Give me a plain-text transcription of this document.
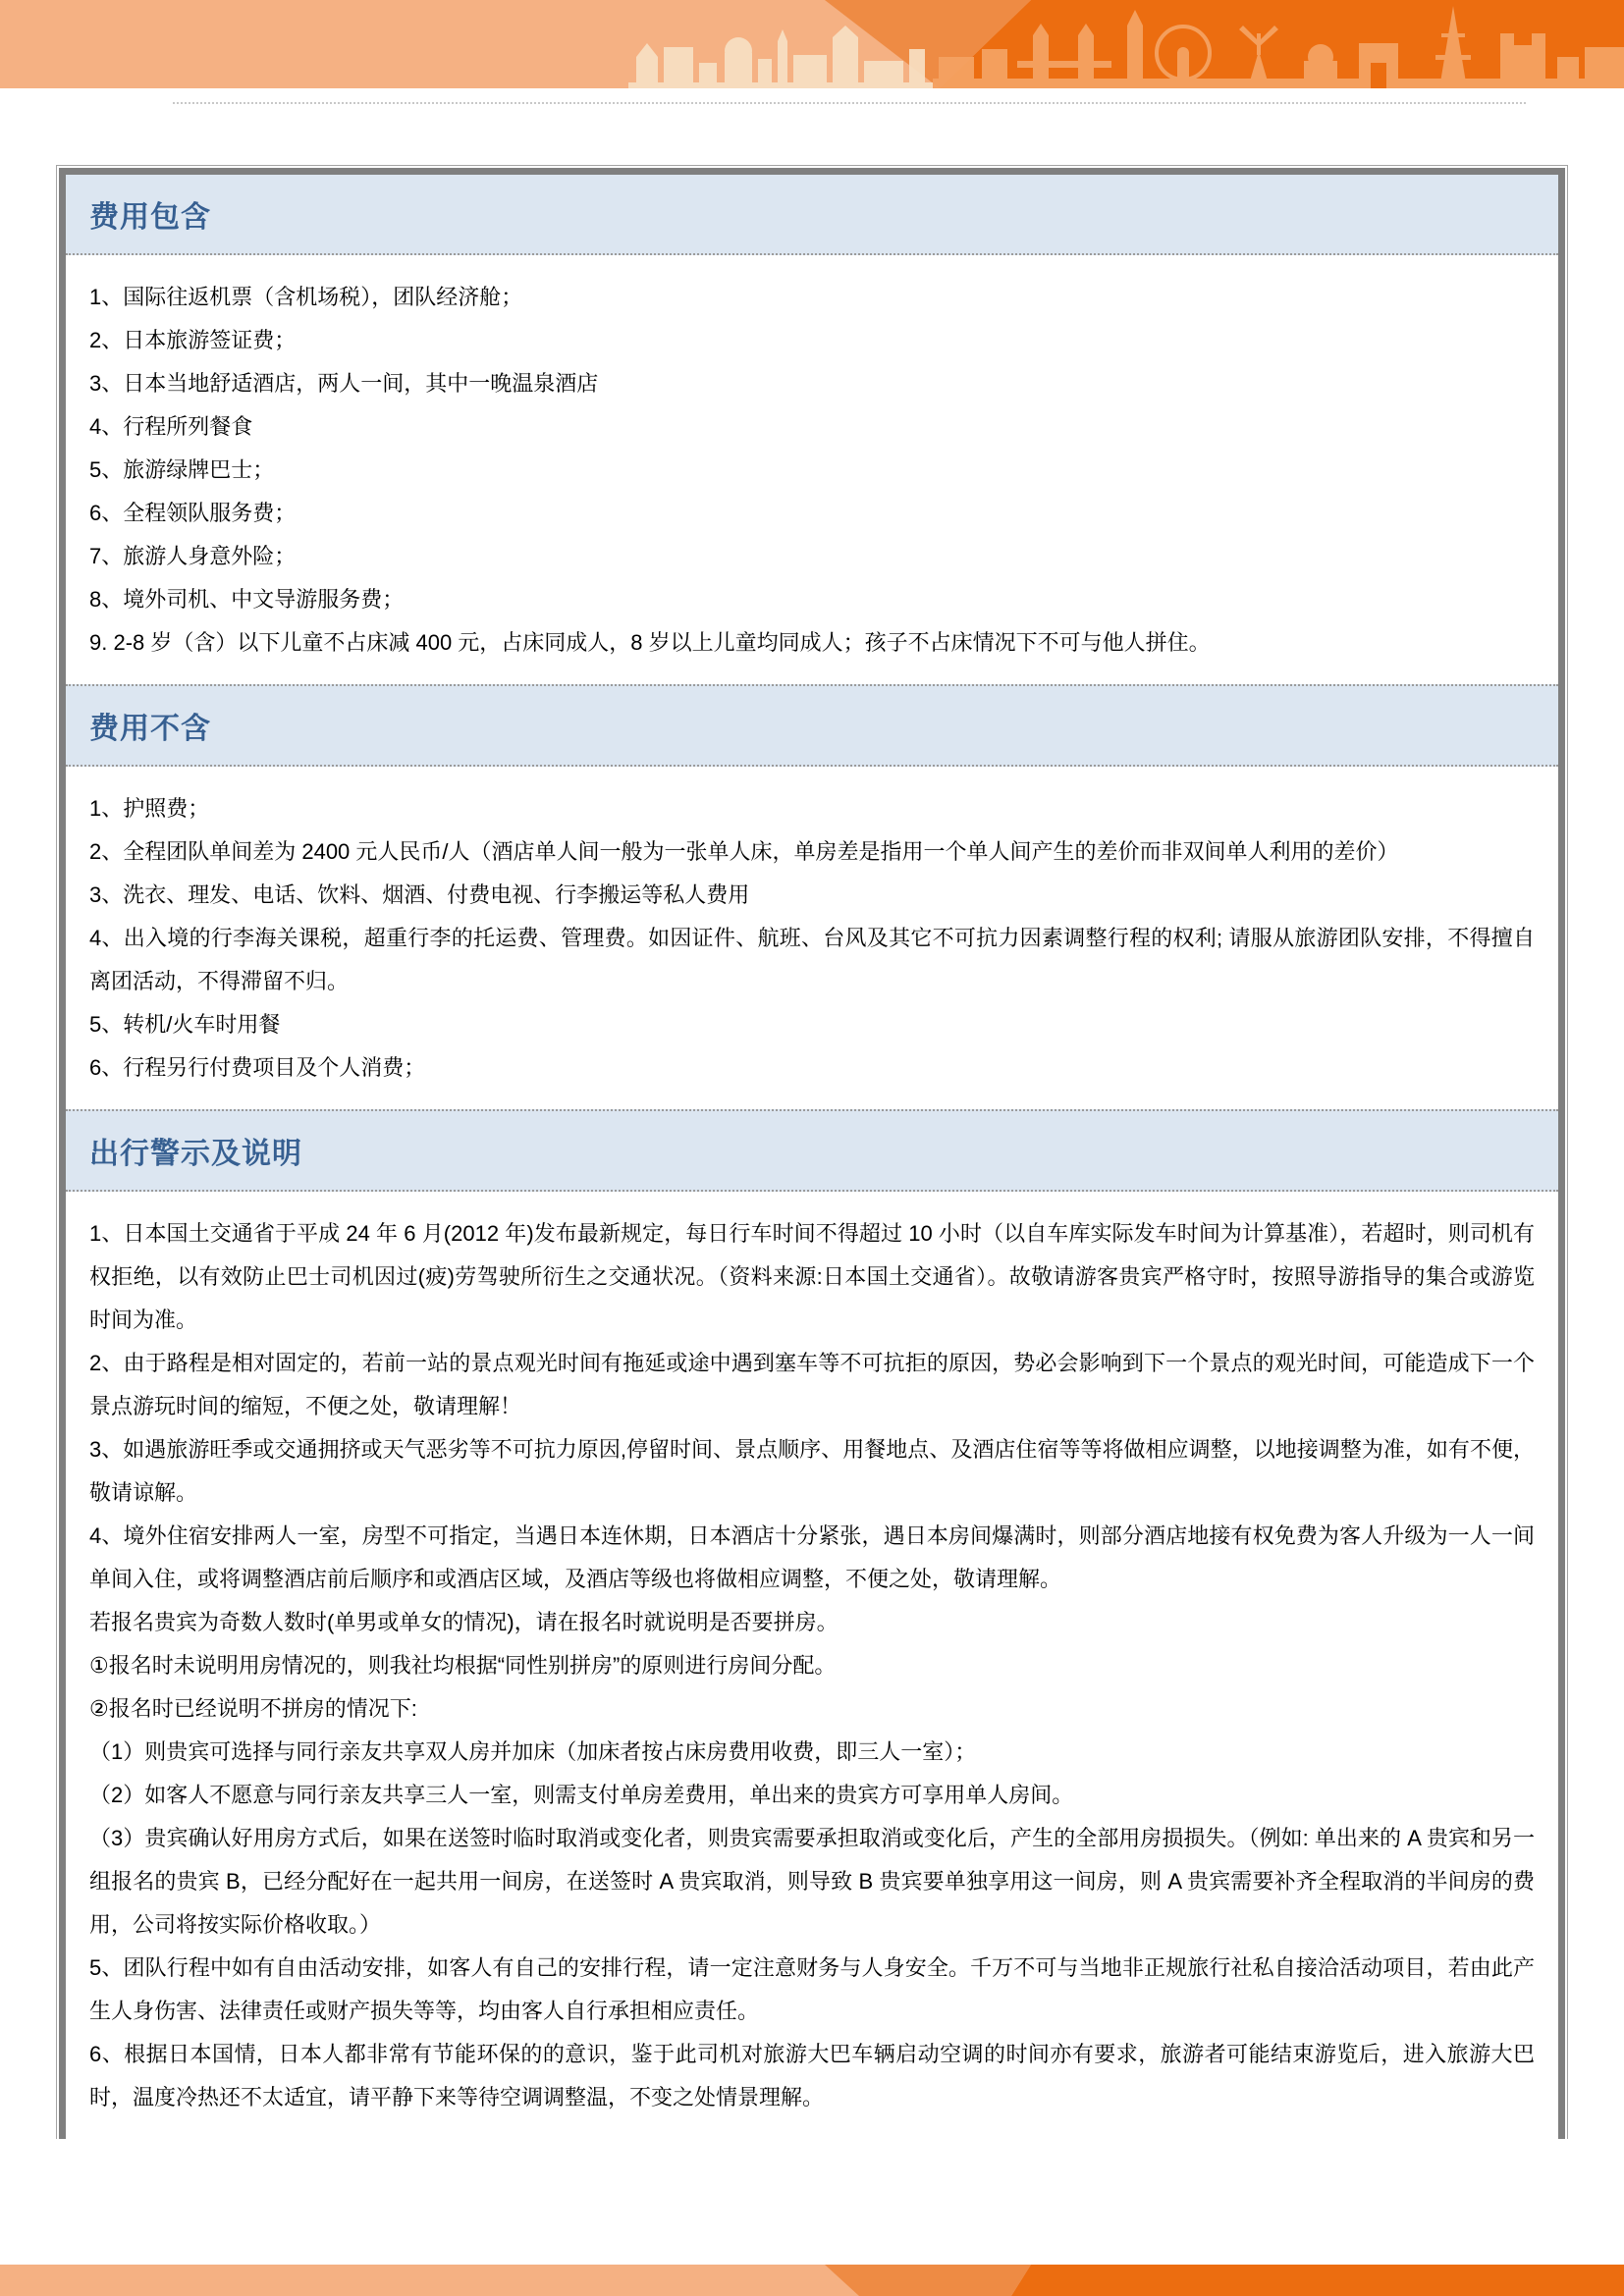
费用包含

1、国际往返机票（含机场税），团队经济舱；

2、日本旅游签证费；

3、日本当地舒适酒店，两人一间，其中一晚温泉酒店

4、行程所列餐食

5、旅游绿牌巴士；

6、全程领队服务费；

7、旅游人身意外险；

8、境外司机、中文导游服务费；

9. 2-8 岁（含）以下儿童不占床减 400 元，占床同成人，8 岁以上儿童均同成人；孩子不占床情况下不可与他人拼住。

费用不含

1、护照费；

2、全程团队单间差为 2400 元人民币/人（酒店单人间一般为一张单人床，单房差是指用一个单人间产生的差价而非双间单人利用的差价）

3、洗衣、理发、电话、饮料、烟酒、付费电视、行李搬运等私人费用

4、出入境的行李海关课税，超重行李的托运费、管理费。如因证件、航班、台风及其它不可抗力因素调整行程的权利; 请服从旅游团队安排，不得擅自离团活动，不得滞留不归。

5、转机/火车时用餐

6、行程另行付费项目及个人消费；

出行警示及说明

1、日本国土交通省于平成 24 年 6 月(2012 年)发布最新规定，每日行车时间不得超过 10 小时（以自车库实际发车时间为计算基准），若超时，则司机有权拒绝，以有效防止巴士司机因过(疲)劳驾驶所衍生之交通状况。（资料来源:日本国土交通省）。故敬请游客贵宾严格守时，按照导游指导的集合或游览时间为准。

2、由于路程是相对固定的，若前一站的景点观光时间有拖延或途中遇到塞车等不可抗拒的原因，势必会影响到下一个景点的观光时间，可能造成下一个景点游玩时间的缩短，不便之处，敬请理解！

3、如遇旅游旺季或交通拥挤或天气恶劣等不可抗力原因,停留时间、景点顺序、用餐地点、及酒店住宿等等将做相应调整，以地接调整为准，如有不便，敬请谅解。

4、境外住宿安排两人一室，房型不可指定，当遇日本连休期，日本酒店十分紧张，遇日本房间爆满时，则部分酒店地接有权免费为客人升级为一人一间单间入住，或将调整酒店前后顺序和或酒店区域，及酒店等级也将做相应调整，不便之处，敬请理解。

若报名贵宾为奇数人数时(单男或单女的情况)，请在报名时就说明是否要拼房。

①报名时未说明用房情况的，则我社均根据“同性别拼房”的原则进行房间分配。

②报名时已经说明不拼房的情况下:

（1）则贵宾可选择与同行亲友共享双人房并加床（加床者按占床房费用收费，即三人一室）；

（2）如客人不愿意与同行亲友共享三人一室，则需支付单房差费用，单出来的贵宾方可享用单人房间。

（3）贵宾确认好用房方式后，如果在送签时临时取消或变化者，则贵宾需要承担取消或变化后，产生的全部用房损损失。（例如: 单出来的 A 贵宾和另一组报名的贵宾 B，已经分配好在一起共用一间房，在送签时 A 贵宾取消，则导致 B 贵宾要单独享用这一间房，则 A 贵宾需要补齐全程取消的半间房的费用，公司将按实际价格收取。）

5、团队行程中如有自由活动安排，如客人有自己的安排行程，请一定注意财务与人身安全。千万不可与当地非正规旅行社私自接洽活动项目，若由此产生人身伤害、法律责任或财产损失等等，均由客人自行承担相应责任。

6、根据日本国情，日本人都非常有节能环保的的意识，鉴于此司机对旅游大巴车辆启动空调的时间亦有要求，旅游者可能结束游览后，进入旅游大巴时，温度冷热还不太适宜，请平静下来等待空调调整温，不变之处情景理解。
